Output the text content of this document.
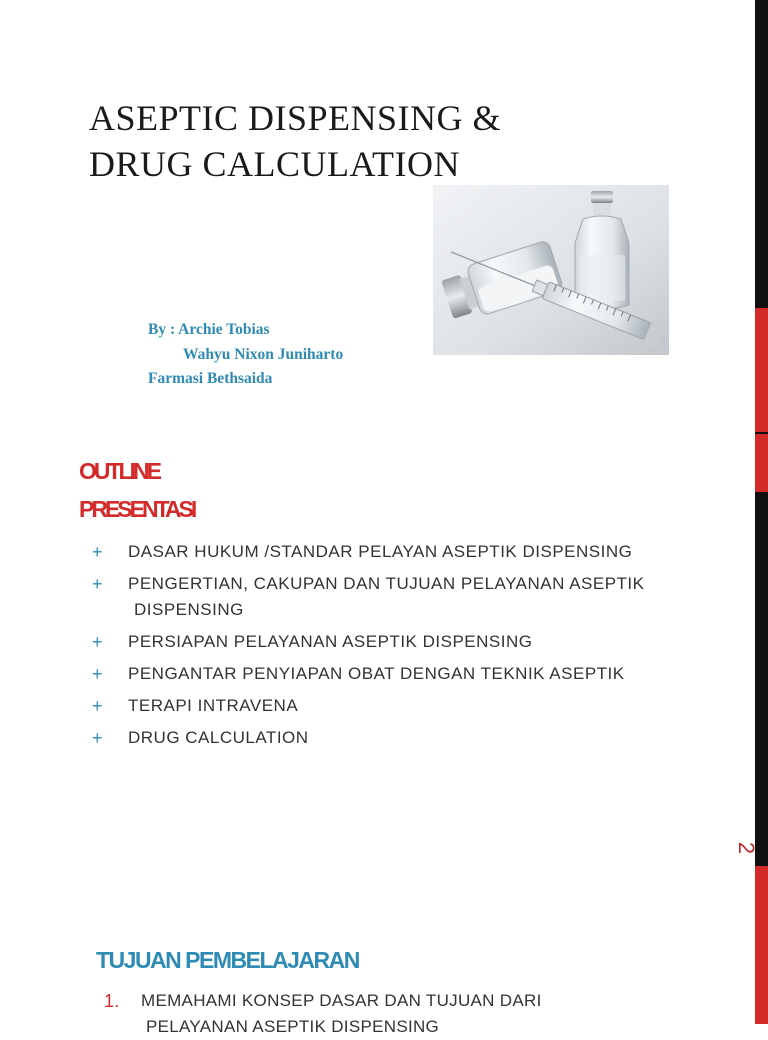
2
ASEPTIC DISPENSING &
DRUG CALCULATION
By : Archie Tobias
Wahyu Nixon Juniharto
Farmasi Bethsaida
OUTLINE
PRESENTASI
+ DASAR HUKUM /STANDAR PELAYAN ASEPTIK DISPENSING
+ PENGERTIAN, CAKUPAN DAN TUJUAN PELAYANAN ASEPTIK
DISPENSING
+ PERSIAPAN PELAYANAN ASEPTIK DISPENSING
+ PENGANTAR PENYIAPAN OBAT DENGAN TEKNIK ASEPTIK
+ TERAPI INTRAVENA
+ DRUG CALCULATION
TUJUAN PEMBELAJARAN
1.	MEMAHAMI KONSEP DASAR DAN TUJUAN DARI
PELAYANAN ASEPTIK DISPENSING
